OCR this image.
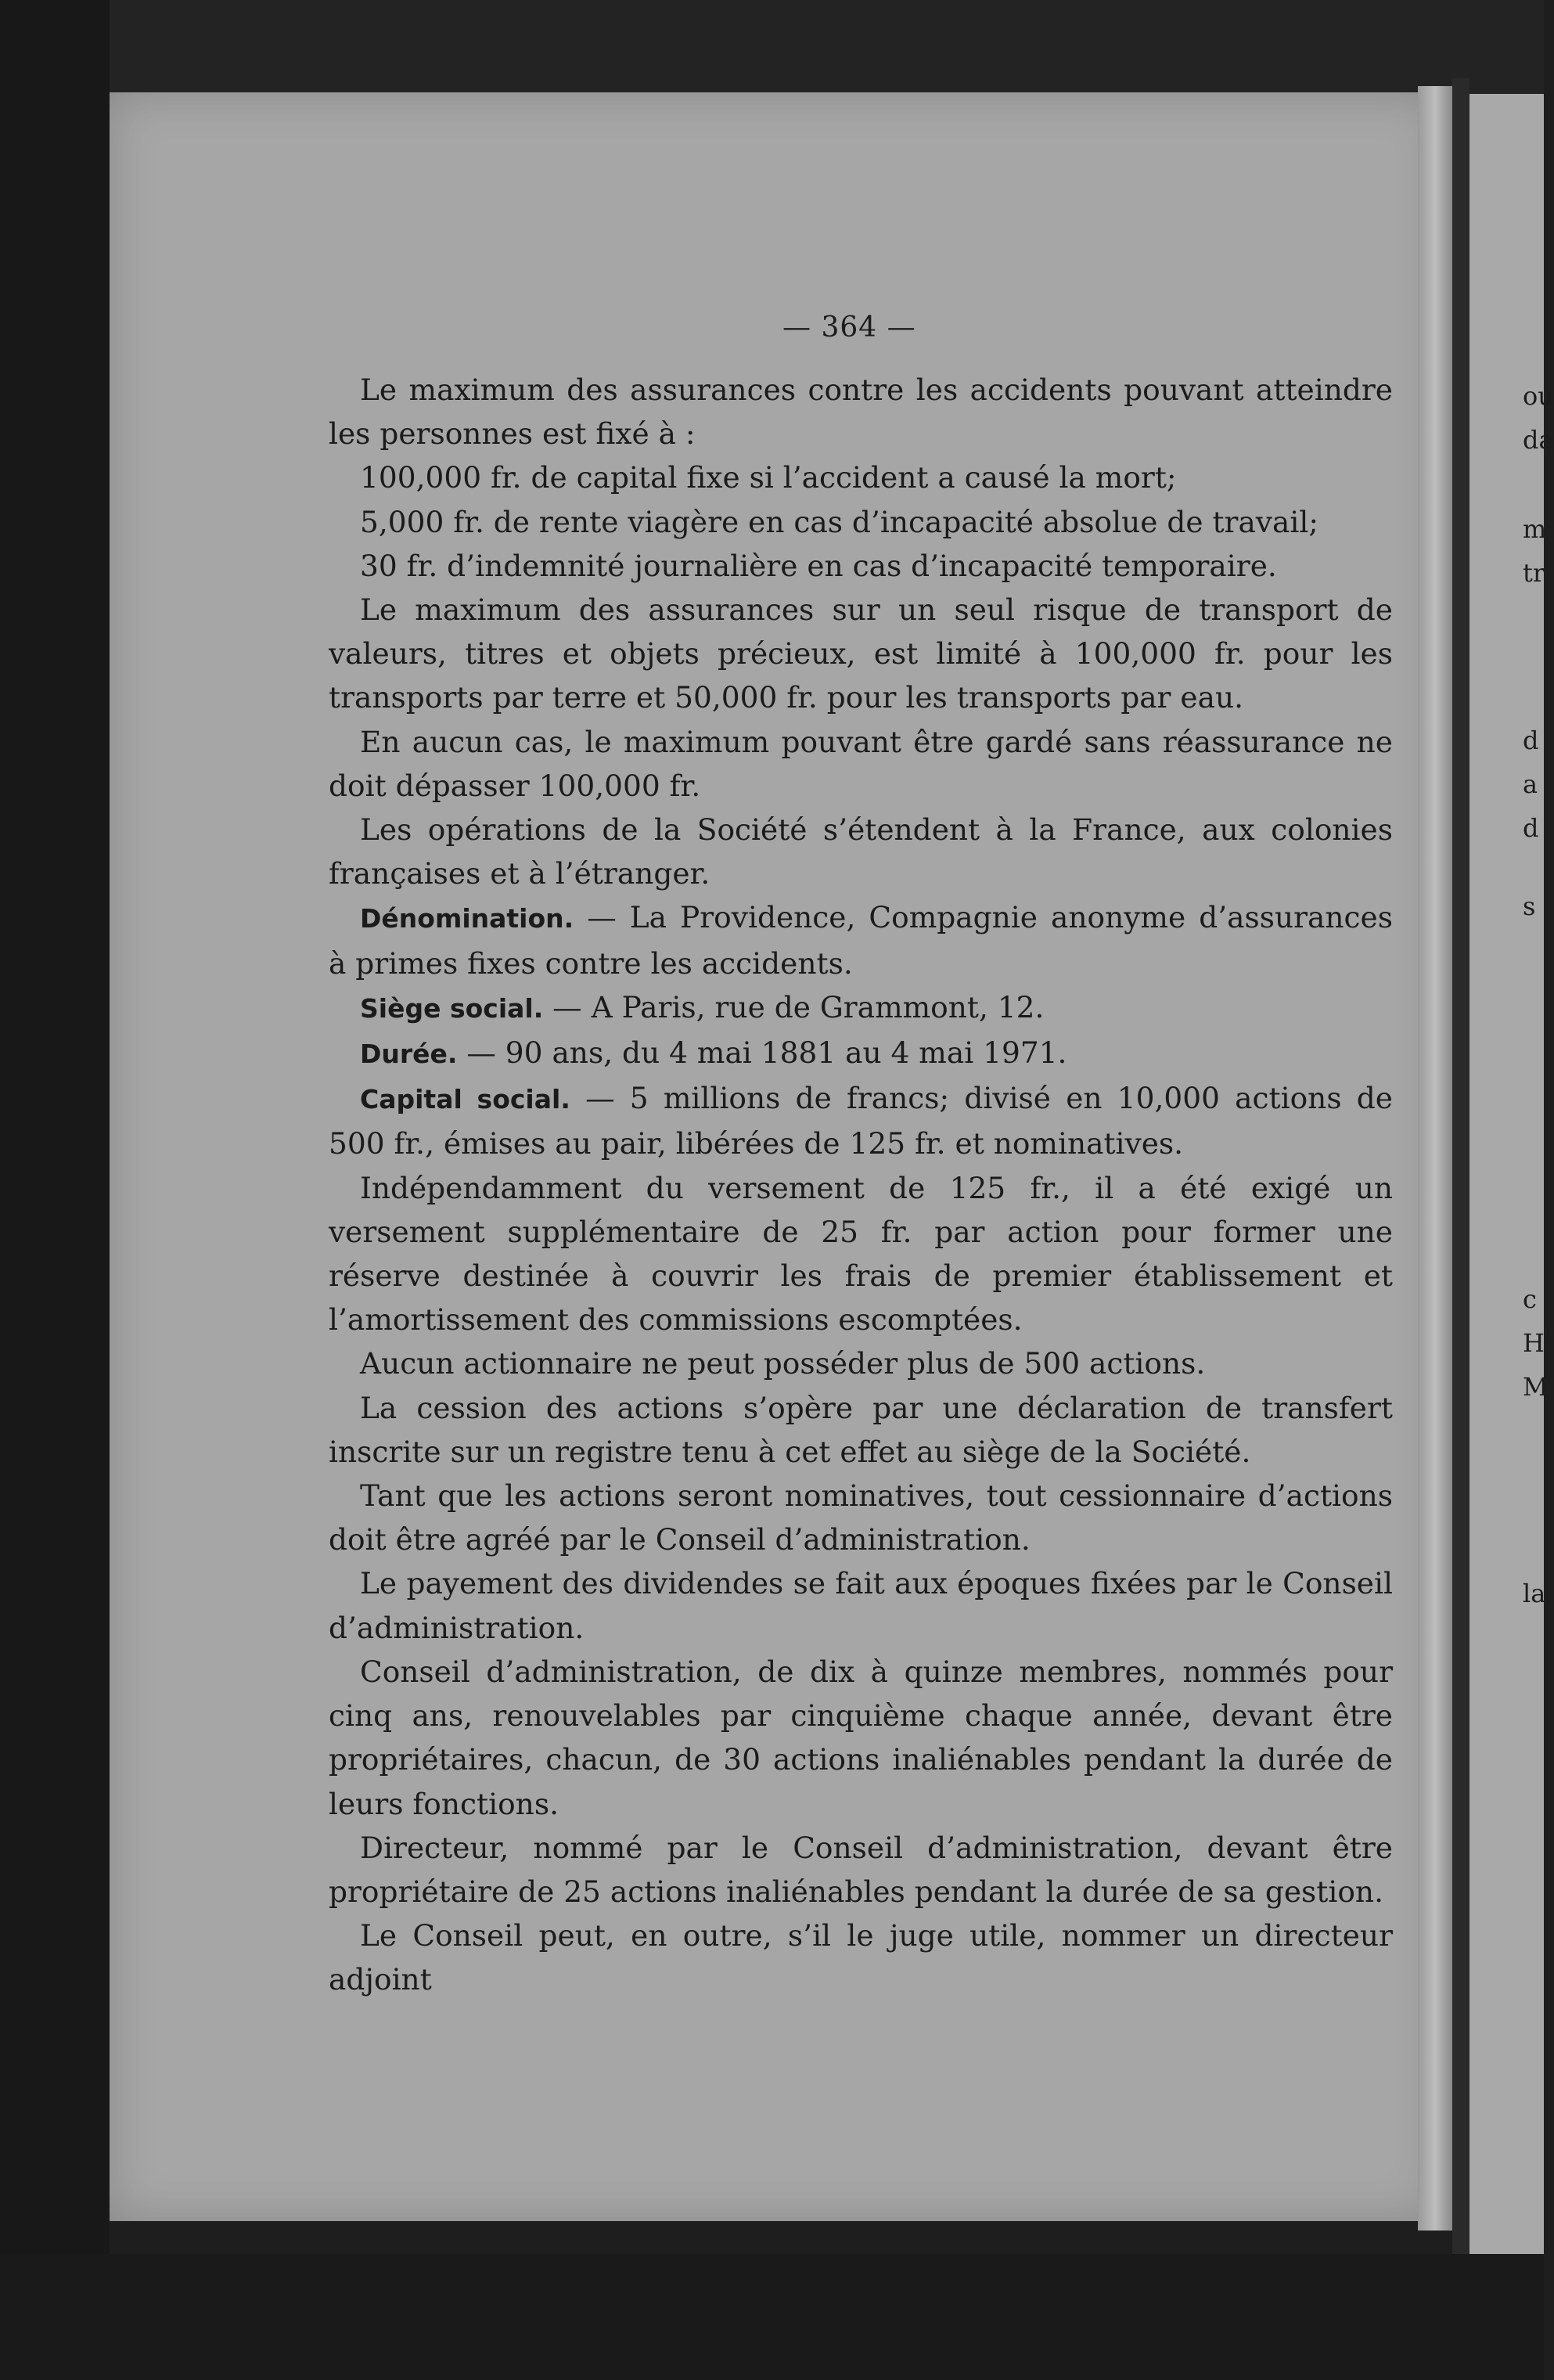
ou
da
m
tr
d
a
d
s
c
H
M
la
— 364 —

Le maximum des assurances contre les accidents pouvant atteindre les personnes est fixé à :

100,000 fr. de capital fixe si l’accident a causé la mort;

5,000 fr. de rente viagère en cas d’incapacité absolue de travail;

30 fr. d’indemnité journalière en cas d’incapacité temporaire.

Le maximum des assurances sur un seul risque de transport de valeurs, titres et objets précieux, est limité à 100,000 fr. pour les transports par terre et 50,000 fr. pour les transports par eau.

En aucun cas, le maximum pouvant être gardé sans réassurance ne doit dépasser 100,000 fr.

Les opérations de la Société s’étendent à la France, aux colonies françaises et à l’étranger.

Dénomination. — La Providence, Compagnie anonyme d’assurances à primes fixes contre les accidents.

Siège social. — A Paris, rue de Grammont, 12.

Durée. — 90 ans, du 4 mai 1881 au 4 mai 1971.

Capital social. — 5 millions de francs; divisé en 10,000 actions de 500 fr., émises au pair, libérées de 125 fr. et nominatives.

Indépendamment du versement de 125 fr., il a été exigé un versement supplémentaire de 25 fr. par action pour former une réserve destinée à couvrir les frais de premier établissement et l’amortissement des commissions escomptées.

Aucun actionnaire ne peut posséder plus de 500 actions.

La cession des actions s’opère par une déclaration de transfert inscrite sur un registre tenu à cet effet au siège de la Société.

Tant que les actions seront nominatives, tout cessionnaire d’actions doit être agréé par le Conseil d’administration.

Le payement des dividendes se fait aux époques fixées par le Conseil d’administration.

Conseil d’administration, de dix à quinze membres, nommés pour cinq ans, renouvelables par cinquième chaque année, devant être propriétaires, chacun, de 30 actions inaliénables pendant la durée de leurs fonctions.

Directeur, nommé par le Conseil d’administration, devant être propriétaire de 25 actions inaliénables pendant la durée de sa gestion.

Le Conseil peut, en outre, s’il le juge utile, nommer un directeur adjoint
